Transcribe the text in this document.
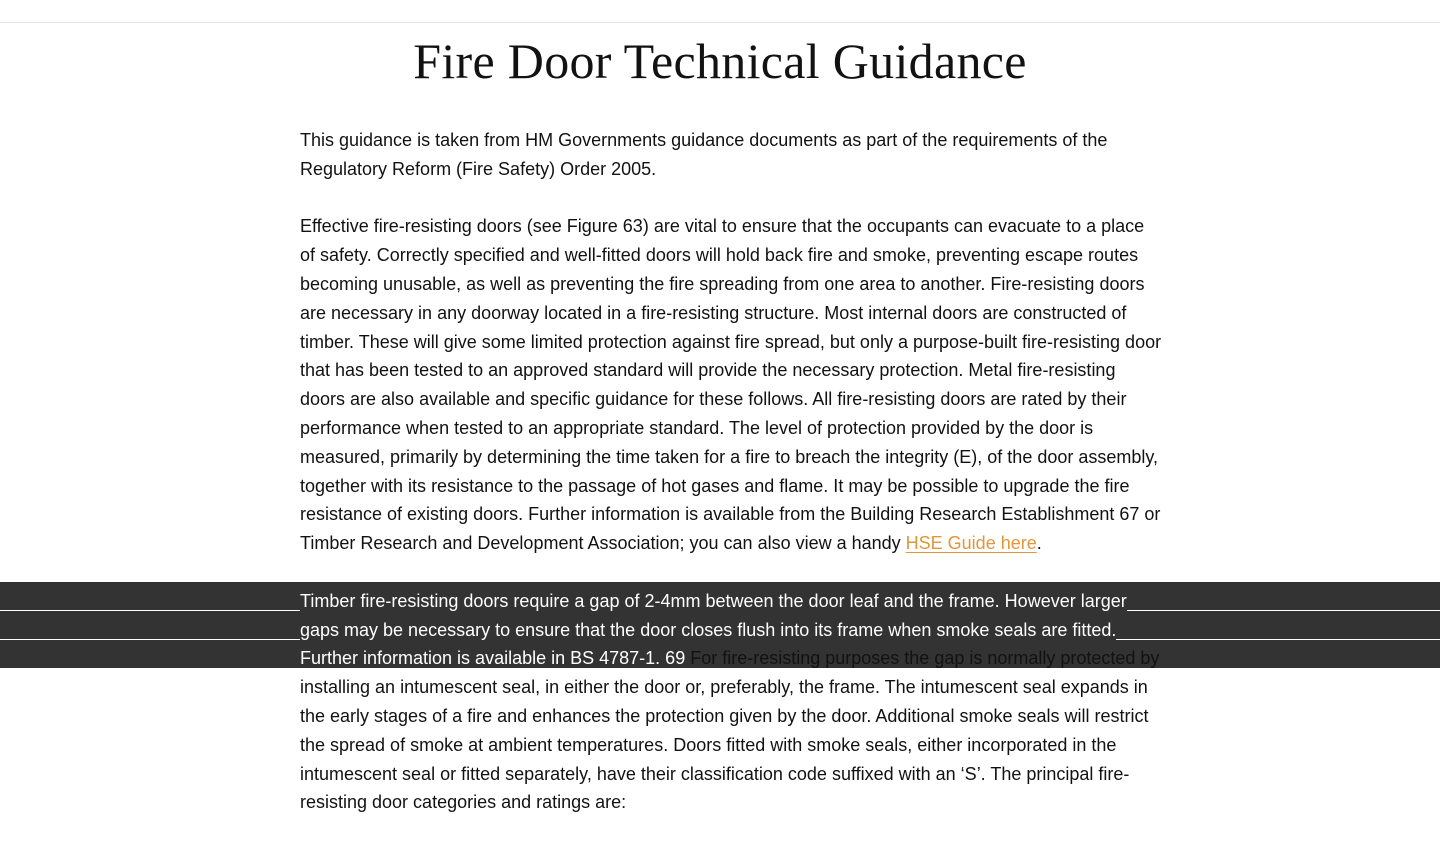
Fire Door Technical Guidance

This guidance is taken from HM Governments guidance documents as part of the requirements of the Regulatory Reform (Fire Safety) Order 2005.

Effective fire-resisting doors (see Figure 63) are vital to ensure that the occupants can evacuate to a place of safety. Correctly specified and well-fitted doors will hold back fire and smoke, preventing escape routes becoming unusable, as well as preventing the fire spreading from one area to another. Fire-resisting doors are necessary in any doorway located in a fire-resisting structure. Most internal doors are constructed of timber. These will give some limited protection against fire spread, but only a purpose-built fire-resisting door that has been tested to an approved standard will provide the necessary protection. Metal fire-resisting doors are also available and specific guidance for these follows. All fire-resisting doors are rated by their performance when tested to an appropriate standard. The level of protection provided by the door is measured, primarily by determining the time taken for a fire to breach the integrity (E), of the door assembly, together with its resistance to the passage of hot gases and flame. It may be possible to upgrade the fire resistance of existing doors. Further information is available from the Building Research Establishment 67 or Timber Research and Development Association; you can also view a handy HSE Guide here.

Timber fire-resisting doors require a gap of 2-4mm between the door leaf and the frame. However larger gaps may be necessary to ensure that the door closes flush into its frame when smoke seals are fitted. Further information is available in BS 4787-1. 69 For fire-resisting purposes the gap is normally protected by installing an intumescent seal, in either the door or, preferably, the frame. The intumescent seal expands in the early stages of a fire and enhances the protection given by the door. Additional smoke seals will restrict the spread of smoke at ambient temperatures. Doors fitted with smoke seals, either incorporated in the intumescent seal or fitted separately, have their classification code suffixed with an ‘S’. The principal fire-resisting door categories and ratings are:
